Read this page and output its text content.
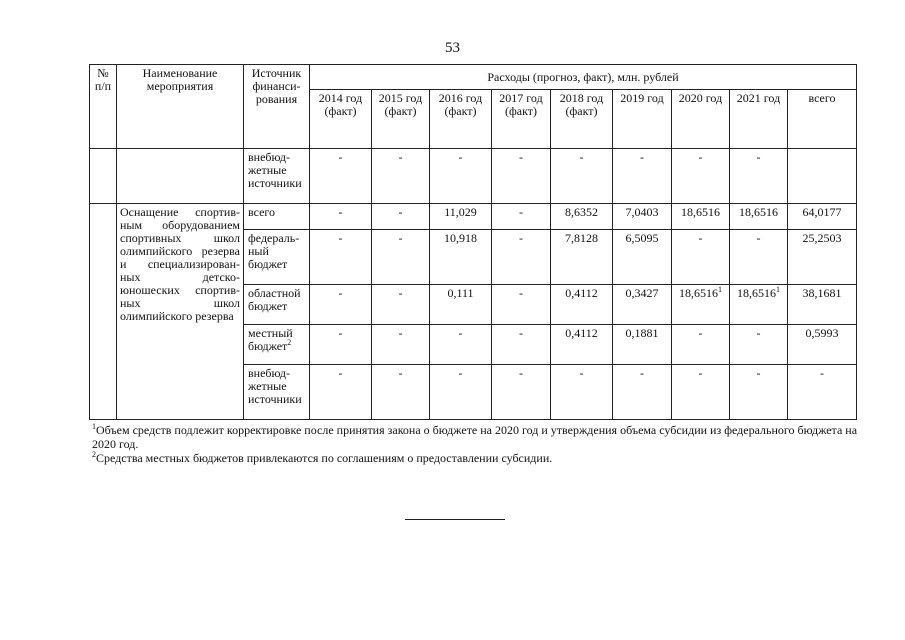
53
№ п/п	Наименование мероприятия	Источник финанси-рования	Расходы (прогноз, факт), млн. рублей								
			2014 год (факт)	2015 год (факт)	2016 год (факт)	2017 год (факт)	2018 год (факт)	2019 год	2020 год	2021 год	всего
		внебюд-жетные источники	-	-	-	-	-	-	-	-	
	Оснащение спортив-ным оборудованием спортивных школ олимпийского резерва и специализирован-ных детско-юношеских спортив-ных школ олимпийского резерва	всего	-	-	11,029	-	8,6352	7,0403	18,6516	18,6516	64,0177
		федераль-ный бюджет	-	-	10,918	-	7,8128	6,5095	-	-	25,2503
		областной бюджет	-	-	0,111	-	0,4112	0,3427	18,6516$^1$	18,6516$^1$	38,1681
		местный бюджет$^2$	-	-	-	-	0,4112	0,1881	-	-	0,5993
		внебюд-жетные источники	-	-	-	-	-	-	-	-	-

$^1$Объем средств подлежит корректировке после принятия закона о бюджете на 2020 год и утверждения объема субсидии из федерального бюджета на 2020 год.

$^2$Средства местных бюджетов привлекаются по соглашениям о предоставлении субсидии.
